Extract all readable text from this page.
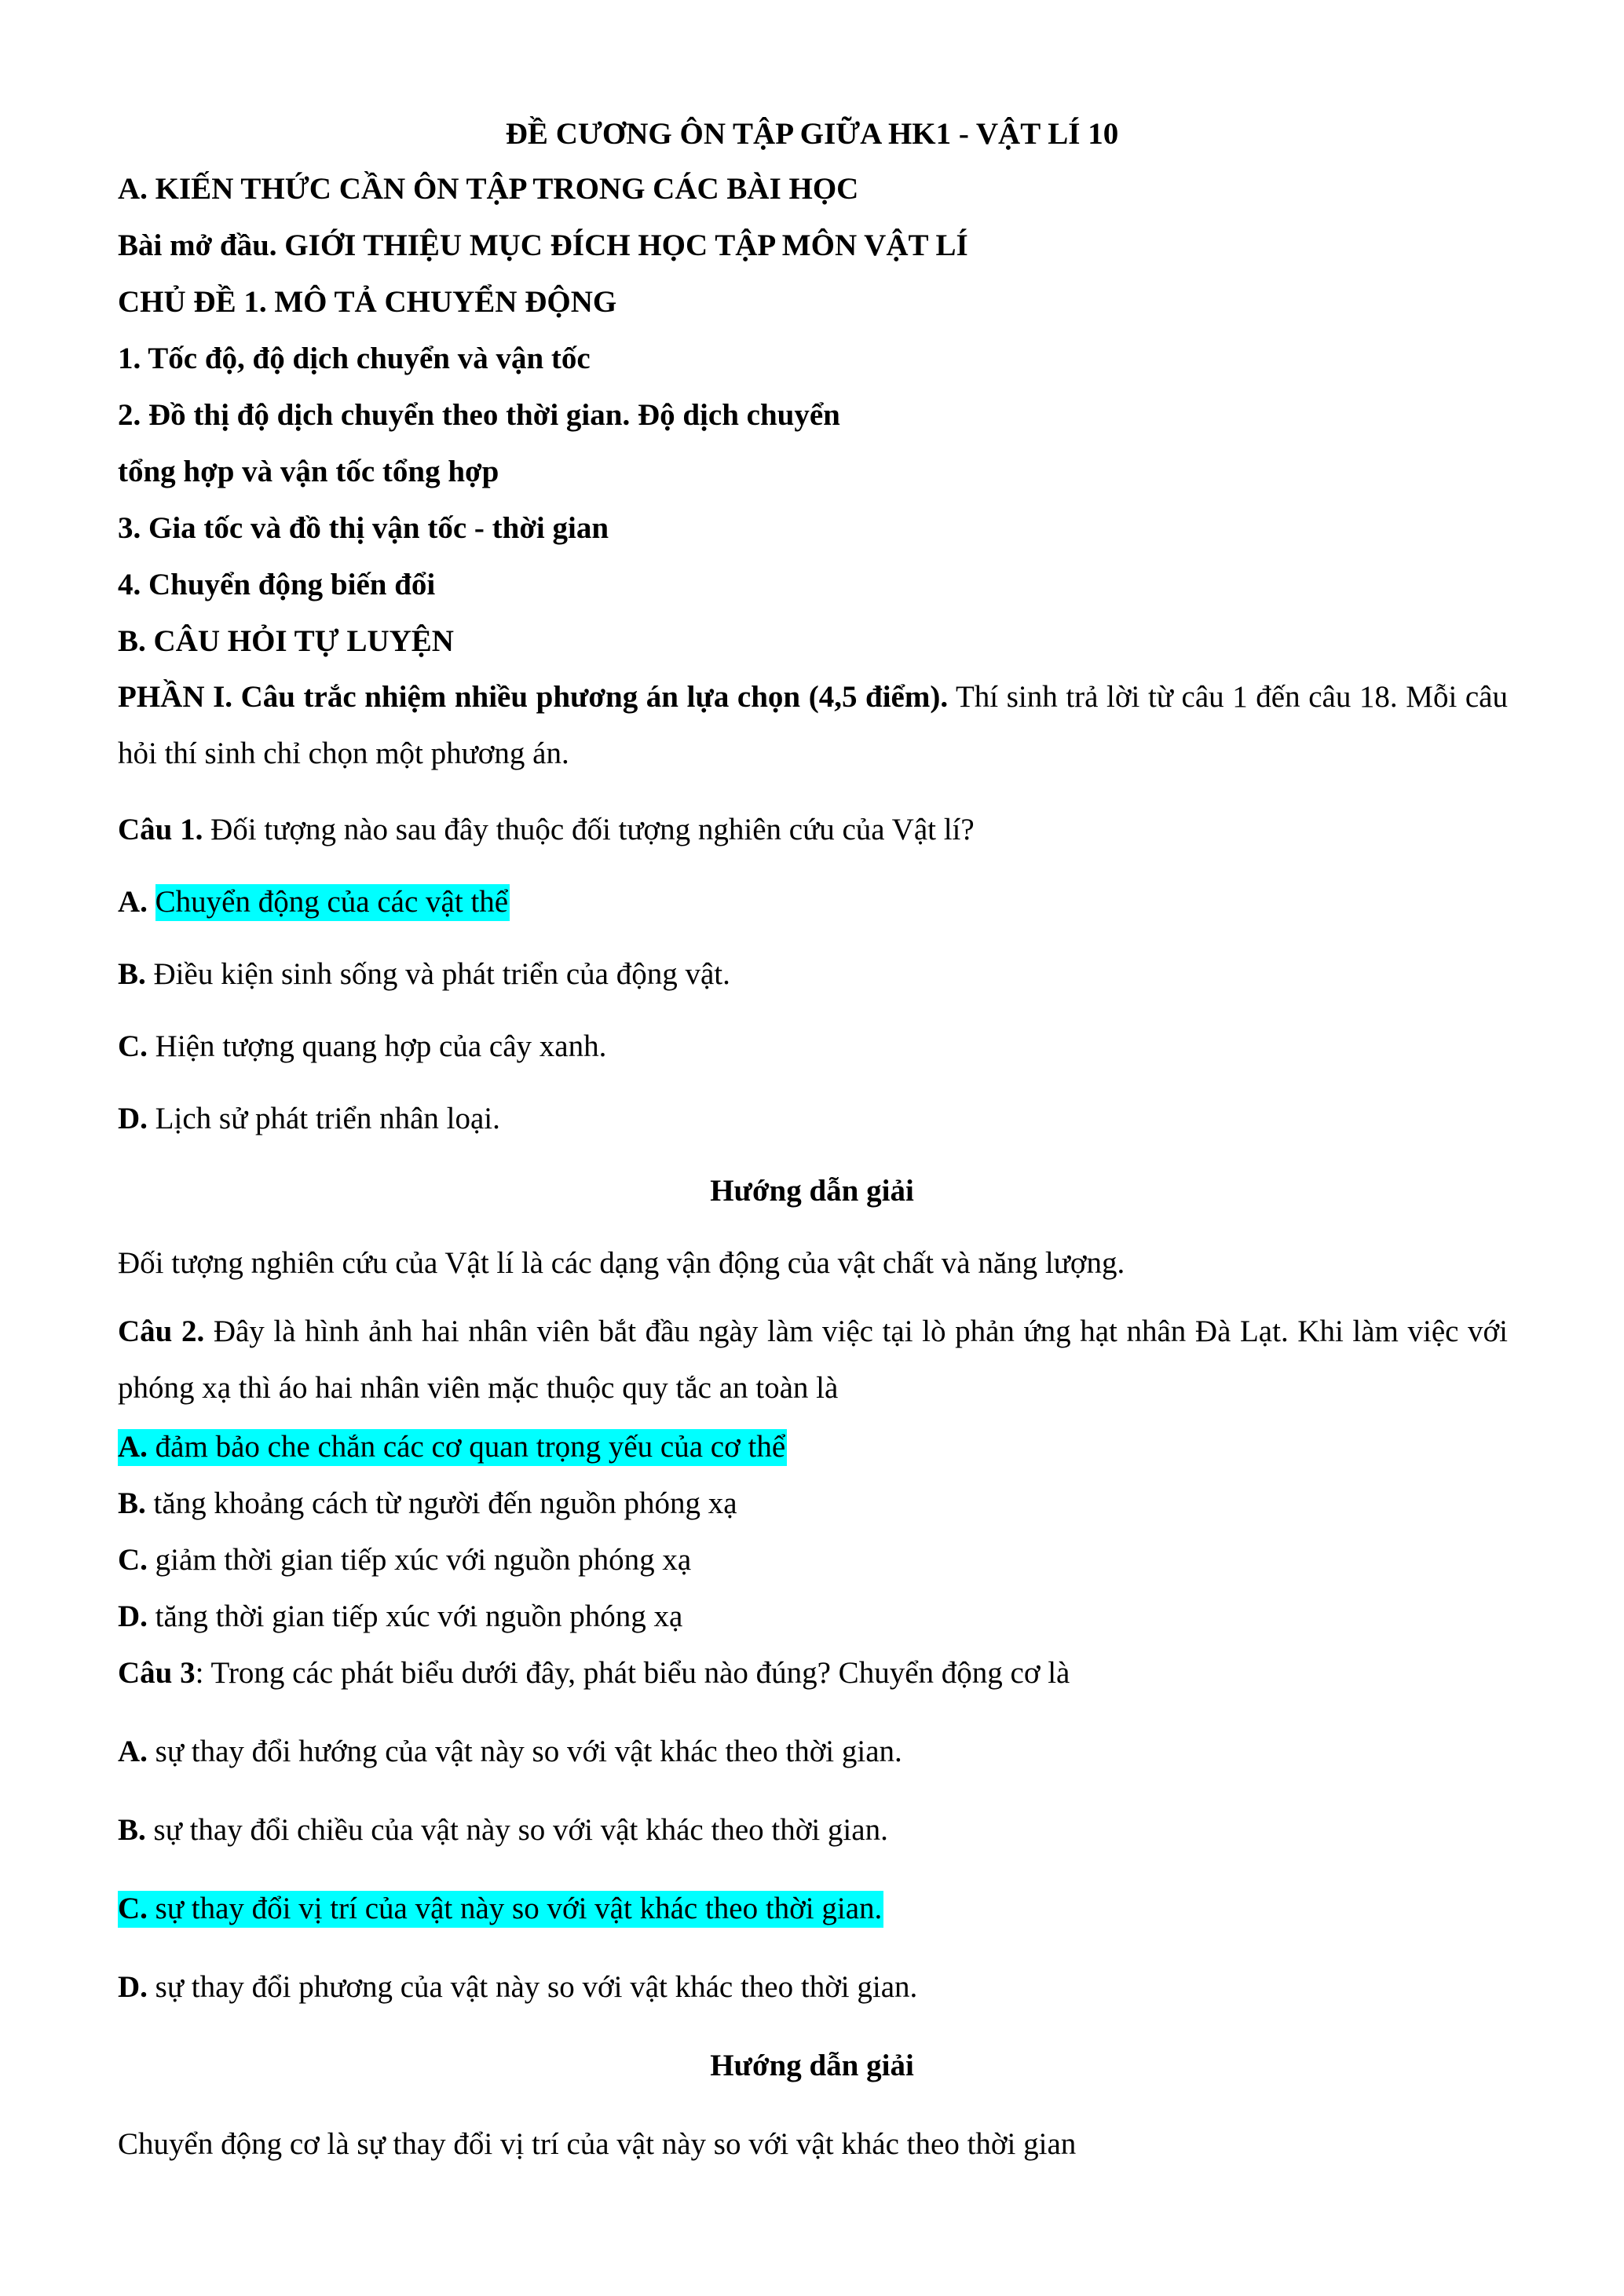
ĐỀ CƯƠNG ÔN TẬP GIỮA HK1 - VẬT LÍ 10
A. KIẾN THỨC CẦN ÔN TẬP TRONG CÁC BÀI HỌC
Bài mở đầu. GIỚI THIỆU MỤC ĐÍCH HỌC TẬP MÔN VẬT LÍ
CHỦ ĐỀ 1. MÔ TẢ CHUYỂN ĐỘNG
1. Tốc độ, độ dịch chuyển và vận tốc
2. Đồ thị độ dịch chuyển theo thời gian. Độ dịch chuyển
tổng hợp và vận tốc tổng hợp
3. Gia tốc và đồ thị vận tốc - thời gian
4. Chuyển động biến đổi
B. CÂU HỎI TỰ LUYỆN
PHẦN I. Câu trắc nhiệm nhiều phương án lựa chọn (4,5 điểm). Thí sinh trả lời từ câu 1 đến câu 18. Mỗi câu hỏi thí sinh chỉ chọn một phương án.
Câu 1. Đối tượng nào sau đây thuộc đối tượng nghiên cứu của Vật lí?
A. Chuyển động của các vật thể
B. Điều kiện sinh sống và phát triển của động vật.
C. Hiện tượng quang hợp của cây xanh.
D. Lịch sử phát triển nhân loại.
Hướng dẫn giải
Đối tượng nghiên cứu của Vật lí là các dạng vận động của vật chất và năng lượng.
Câu 2. Đây là hình ảnh hai nhân viên bắt đầu ngày làm việc tại lò phản ứng hạt nhân Đà Lạt. Khi làm việc với phóng xạ thì áo hai nhân viên mặc thuộc quy tắc an toàn là
A. đảm bảo che chắn các cơ quan trọng yếu của cơ thể
B. tăng khoảng cách từ người đến nguồn phóng xạ
C. giảm thời gian tiếp xúc với nguồn phóng xạ
D. tăng thời gian tiếp xúc với nguồn phóng xạ
Câu 3: Trong các phát biểu dưới đây, phát biểu nào đúng? Chuyển động cơ là
A. sự thay đổi hướng của vật này so với vật khác theo thời gian.
B. sự thay đổi chiều của vật này so với vật khác theo thời gian.
C. sự thay đổi vị trí của vật này so với vật khác theo thời gian.
D. sự thay đổi phương của vật này so với vật khác theo thời gian.
Hướng dẫn giải
Chuyển động cơ là sự thay đổi vị trí của vật này so với vật khác theo thời gian
